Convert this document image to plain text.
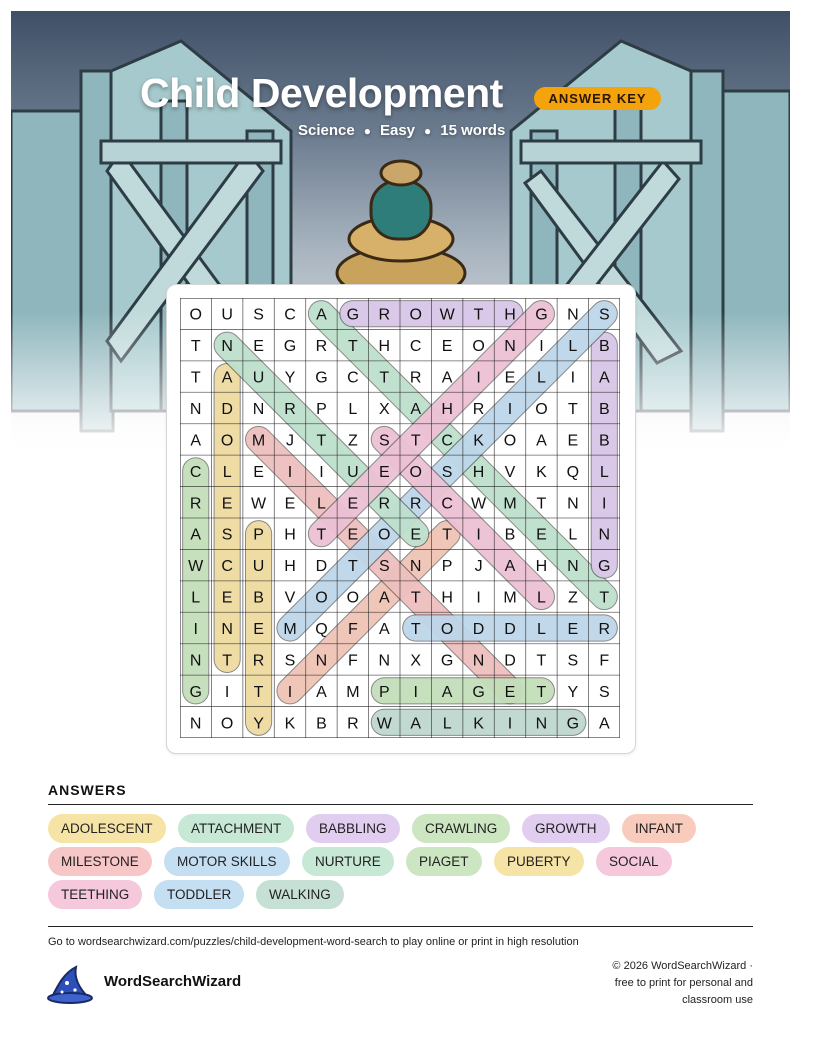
Child Development	ANSWER KEY
Science ● Easy ● 15 words
O U S C A G R O W T H G N S
T N E G R T H C E O N I L B
T A U Y G C T R A I E L I A
N D N R P L X A H R I O T B
A O M J T Z S T C K O A E B
C L E I I U E O S H V K Q L
R E W E L E R R C W M T N I
A S P H T E O E T I B E L N
W C U H D T S N P J A H N G
L E B V O O A T H I M L Z T
I N E M Q F A T O D D L E R
N T R S N F N X G N D T S F
G I T I A M P I A G E T Y S
N O Y K B R W A L K I N G A
ANSWERS
ADOLESCENT	ATTACHMENT	BABBLING	CRAWLING	GROWTH	INFANT
MILESTONE	MOTOR SKILLS	NURTURE	PIAGET	PUBERTY	SOCIAL
TEETHING	TODDLER	WALKING
Go to wordsearchwizard.com/puzzles/child-development-word-search to play online or print in high resolution
WordSearchWizard
© 2026 WordSearchWizard ·
free to print for personal and
classroom use
